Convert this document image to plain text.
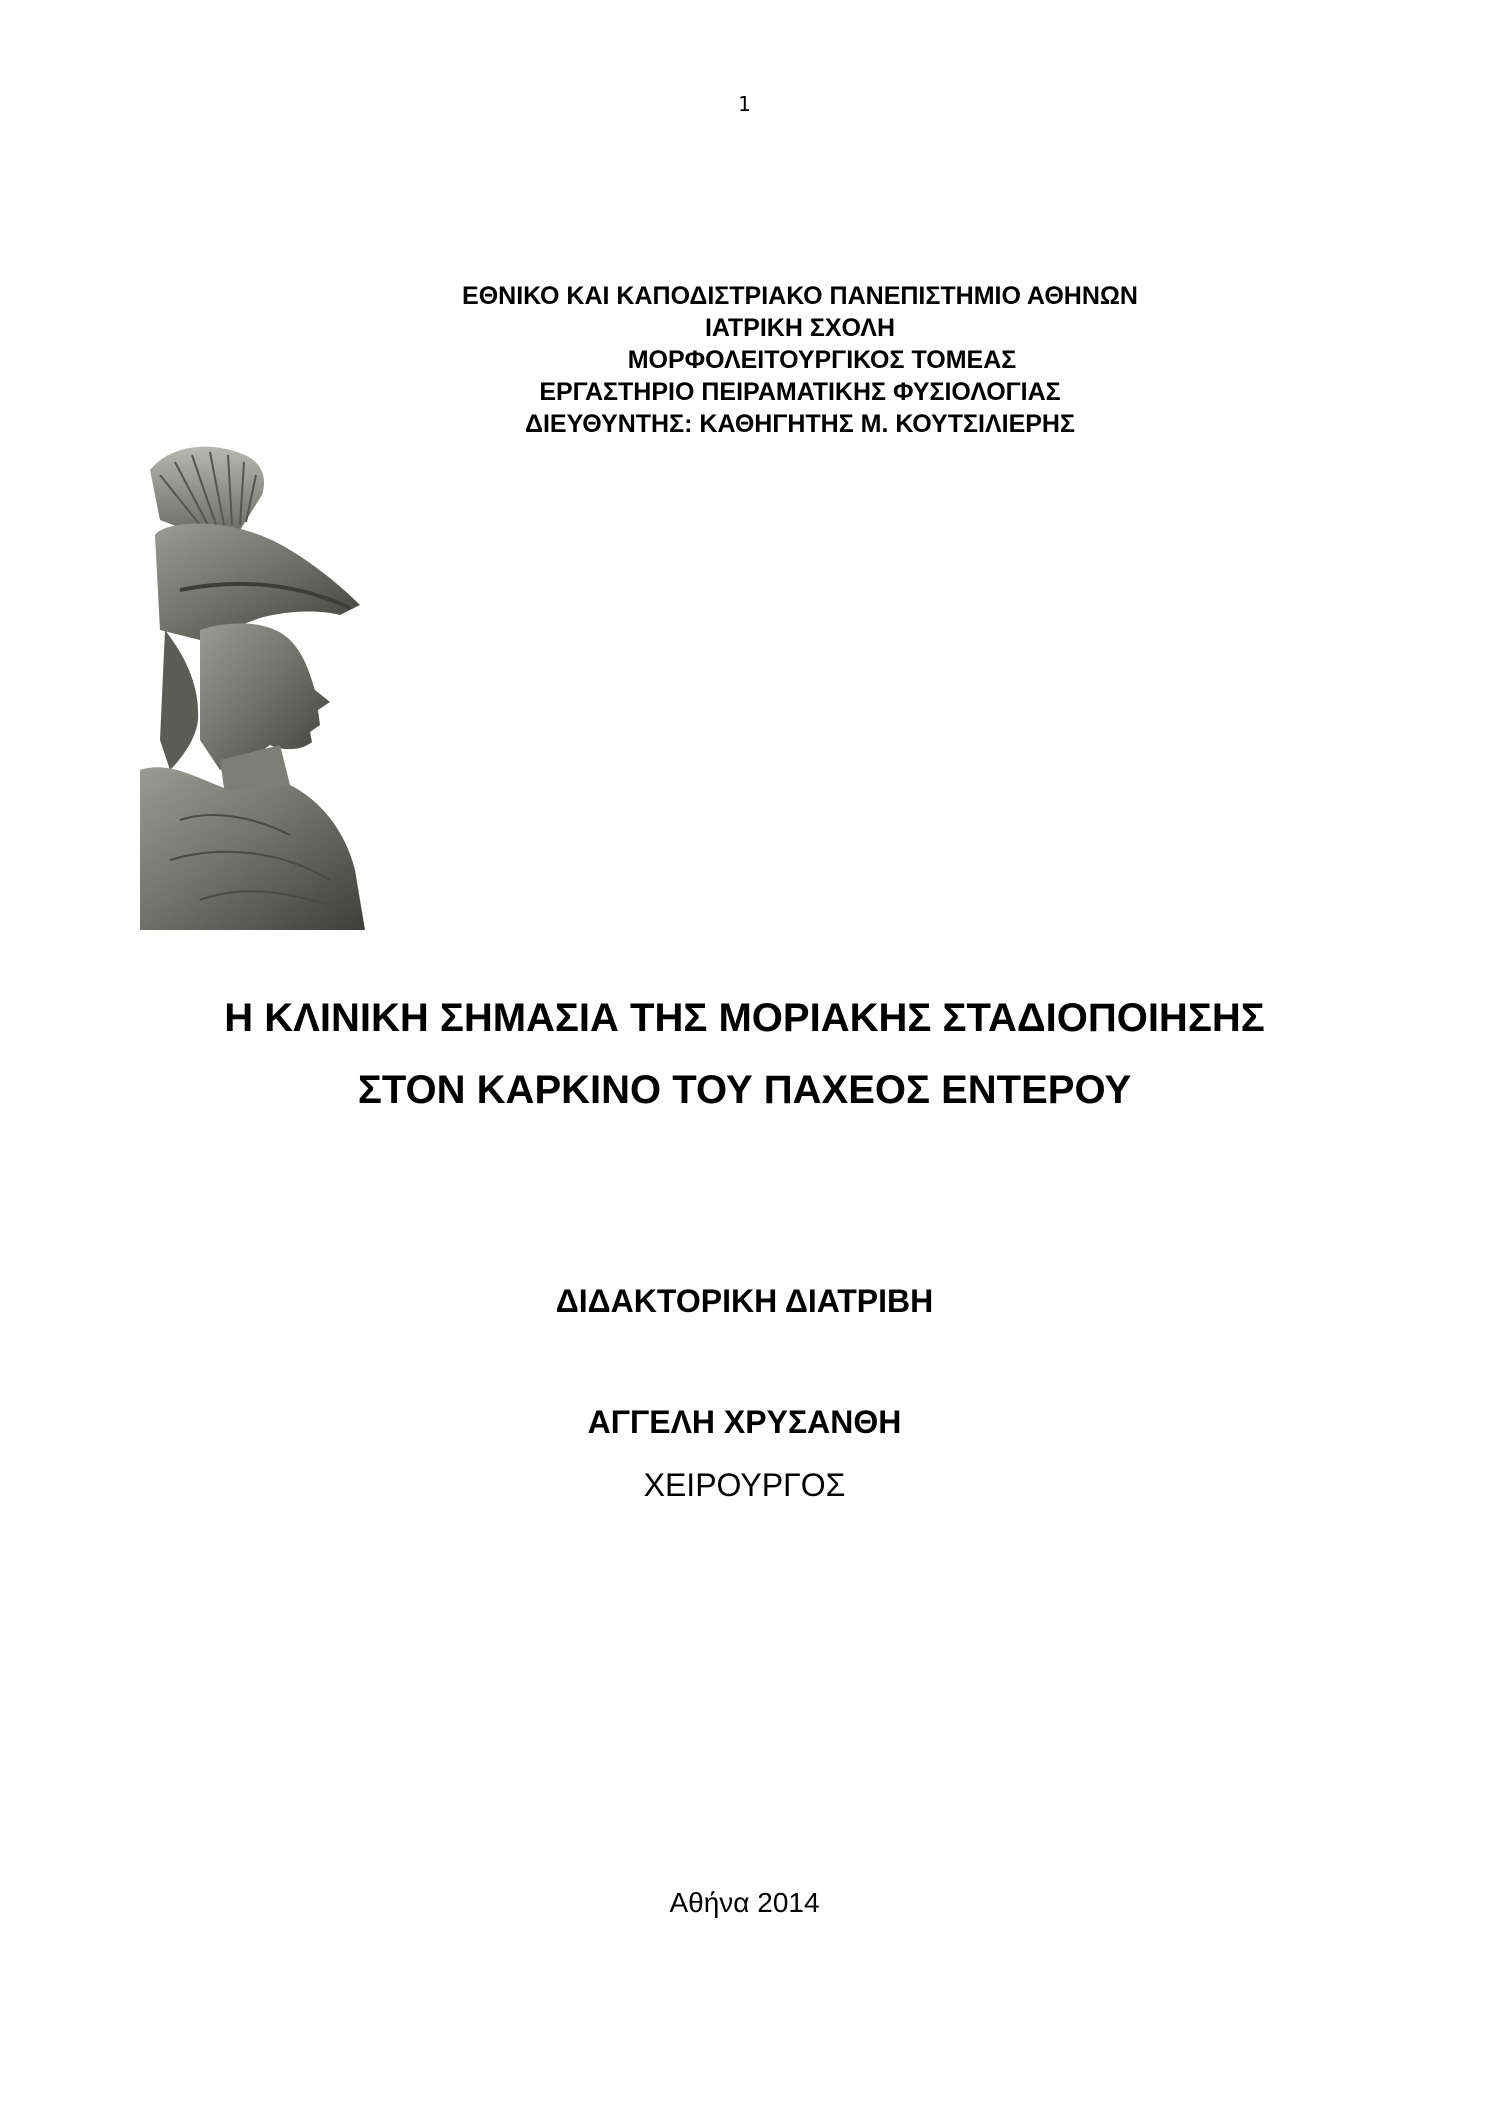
1
ΕΘΝΙΚΟ ΚΑΙ ΚΑΠΟΔΙΣΤΡΙΑΚΟ ΠΑΝΕΠΙΣΤΗΜΙΟ ΑΘΗΝΩΝ
ΙΑΤΡΙΚΗ ΣΧΟΛΗ
ΜΟΡΦΟΛΕΙΤΟΥΡΓΙΚΟΣ ΤΟΜΕΑΣ
ΕΡΓΑΣΤΗΡΙΟ ΠΕΙΡΑΜΑΤΙΚΗΣ ΦΥΣΙΟΛΟΓΙΑΣ
ΔΙΕΥΘΥΝΤΗΣ: ΚΑΘΗΓΗΤΗΣ Μ. ΚΟΥΤΣΙΛΙΕΡΗΣ
Η ΚΛΙΝΙΚΗ ΣΗΜΑΣΙΑ ΤΗΣ ΜΟΡΙΑΚΗΣ ΣΤΑΔΙΟΠΟΙΗΣΗΣ
ΣΤΟΝ ΚΑΡΚΙΝΟ ΤΟΥ ΠΑΧΕΟΣ ΕΝΤΕΡΟΥ
ΔΙΔΑΚΤΟΡΙΚΗ ΔΙΑΤΡΙΒΗ
ΑΓΓΕΛΗ ΧΡΥΣΑΝΘΗ
ΧΕΙΡΟΥΡΓΟΣ
Αθήνα 2014
